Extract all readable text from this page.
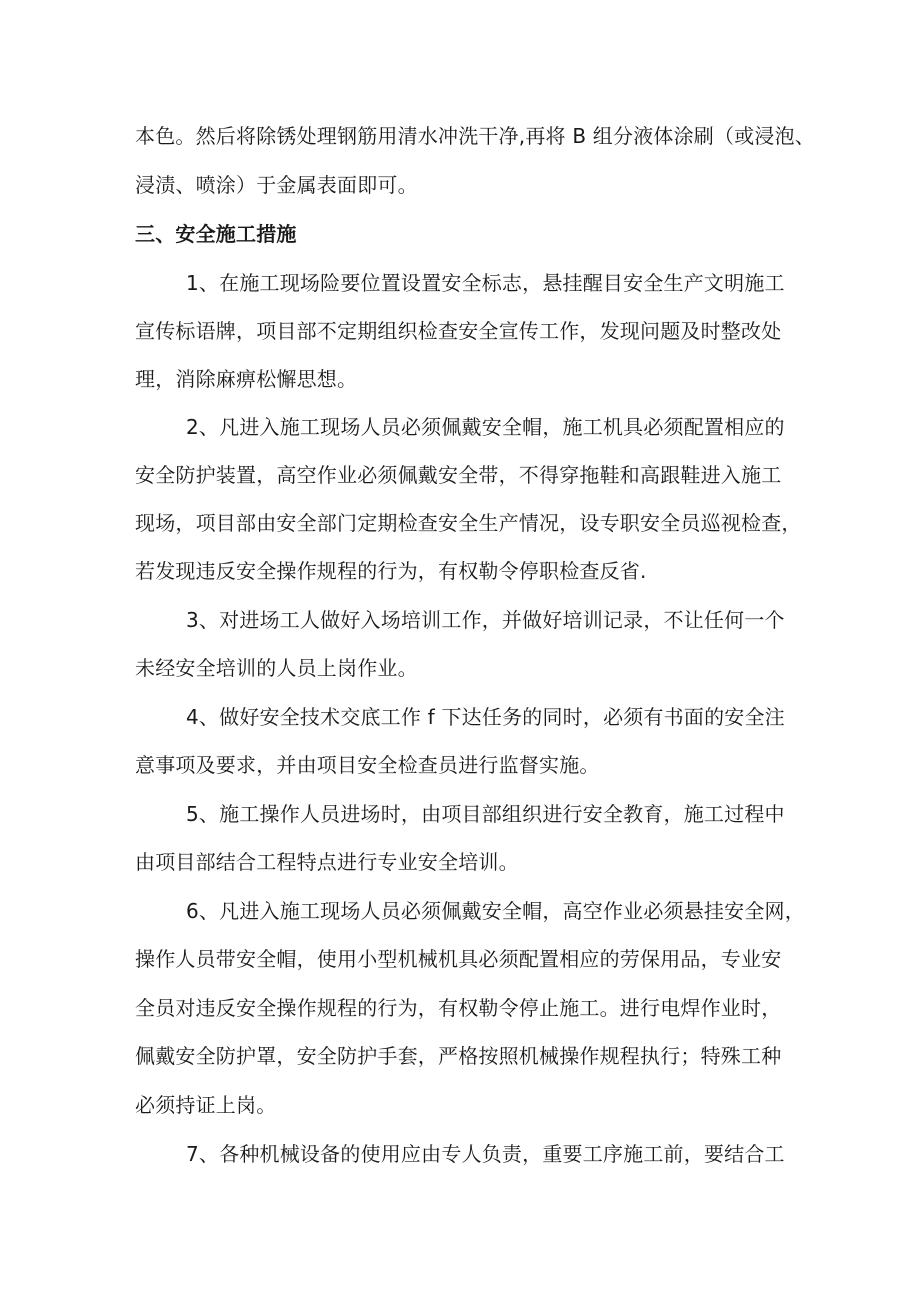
本色。然后将除锈处理钢筋用清水冲洗干净,再将 B 组分液体涂刷（或浸泡、
浸渍、喷涂）于金属表面即可。
三、安全施工措施
1、在施工现场险要位置设置安全标志，悬挂醒目安全生产文明施工
宣传标语牌，项目部不定期组织检查安全宣传工作，发现问题及时整改处
理，消除麻痹松懈思想。
2、凡进入施工现场人员必须佩戴安全帽，施工机具必须配置相应的
安全防护装置，高空作业必须佩戴安全带，不得穿拖鞋和高跟鞋进入施工
现场，项目部由安全部门定期检查安全生产情况，设专职安全员巡视检查，
若发现违反安全操作规程的行为，有权勒令停职检查反省.
3、对进场工人做好入场培训工作，并做好培训记录，不让任何一个
未经安全培训的人员上岗作业。
4、做好安全技术交底工作 f 下达任务的同时，必须有书面的安全注
意事项及要求，并由项目安全检查员进行监督实施。
5、施工操作人员进场时，由项目部组织进行安全教育，施工过程中
由项目部结合工程特点进行专业安全培训。
6、凡进入施工现场人员必须佩戴安全帽，高空作业必须悬挂安全网，
操作人员带安全帽，使用小型机械机具必须配置相应的劳保用品，专业安
全员对违反安全操作规程的行为，有权勒令停止施工。进行电焊作业时，
佩戴安全防护罩，安全防护手套，严格按照机械操作规程执行；特殊工种
必须持证上岗。
7、各种机械设备的使用应由专人负责，重要工序施工前，要结合工
